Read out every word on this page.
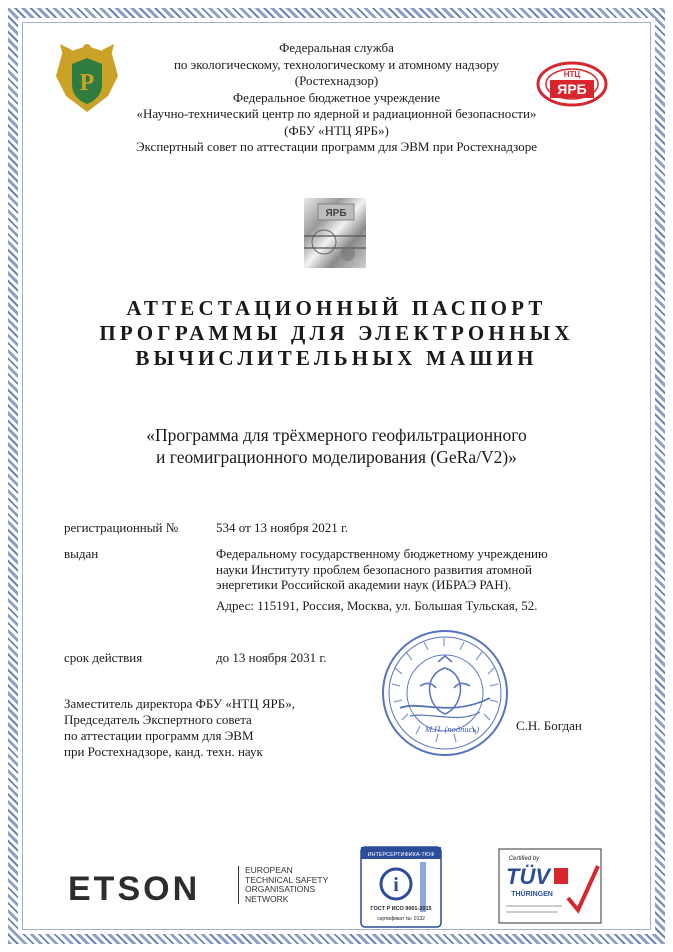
Р
Федеральная служба
по экологическому, технологическому и атомному надзору
(Ростехнадзор)
Федеральное бюджетное учреждение
«Научно-технический центр по ядерной и радиационной безопасности»
(ФБУ «НТЦ ЯРБ»)
Экспертный совет по аттестации программ для ЭВМ при Ростехнадзоре
НТЦ
ЯРБ
ЯРБ
АТТЕСТАЦИОННЫЙ ПАСПОРТ
ПРОГРАММЫ ДЛЯ ЭЛЕКТРОННЫХ
ВЫЧИСЛИТЕЛЬНЫХ МАШИН
«Программа для трёхмерного геофильтрационного
и геомиграционного моделирования (GeRa/V2)»
регистрационный №	534 от 13 ноября 2021 г.
выдан	Федеральному государственному бюджетному учреждению
науки Институту проблем безопасного развития атомной
энергетики Российской академии наук (ИБРАЭ РАН).
Адрес: 115191, Россия, Москва, ул. Большая Тульская, 52.
срок действия	до 13 ноября 2031 г.
Заместитель директора ФБУ «НТЦ ЯРБ»,
Председатель Экспертного совета
по аттестации программ для ЭВМ
при Ростехнадзоре, канд. техн. наук
М.П. (подпись)	С.Н. Богдан
ETSON	EUROPEAN
TECHNICAL SAFETY
ORGANISATIONS
NETWORK
ИНТЕРСЕРТИФИКА-ТЮФ
i
ГОСТ Р ИСО 9001-2015
сертификат №: 0132
Certified by
TÜV
THÜRINGEN
